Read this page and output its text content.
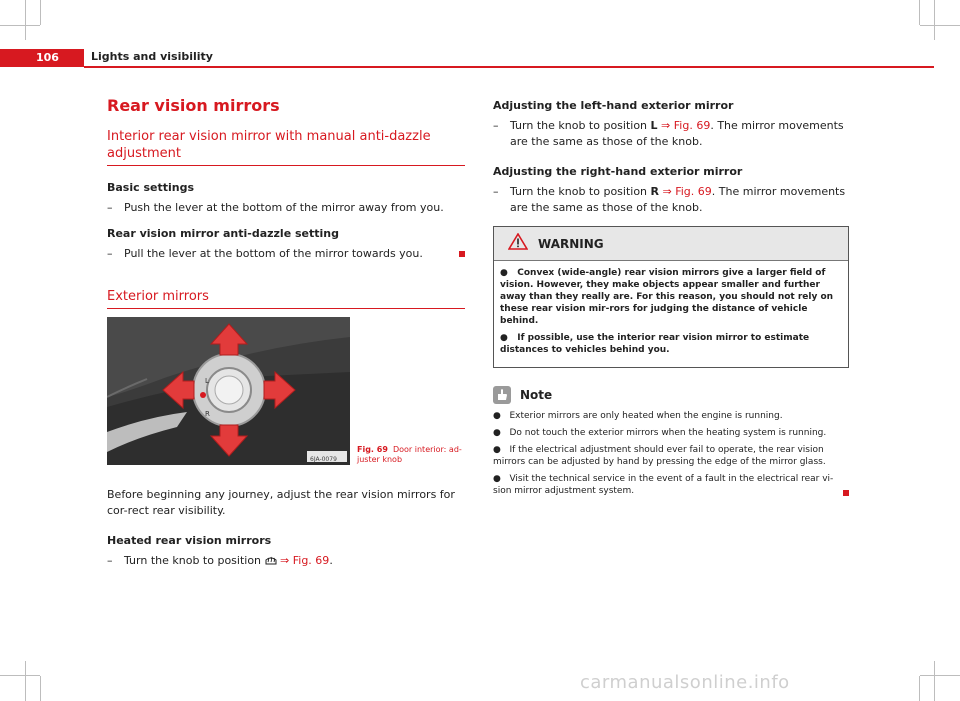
106	Lights and visibility
Rear vision mirrors
Interior rear vision mirror with manual anti-dazzle adjustment
Basic settings
–	Push the lever at the bottom of the mirror away from you.
Rear vision mirror anti-dazzle setting
–	Pull the lever at the bottom of the mirror towards you.
Exterior mirrors
L
R
6JA-0079
Fig. 69 Door interior: ad-juster knob

Before beginning any journey, adjust the rear vision mirrors for cor-rect rear visibility.

Heated rear vision mirrors
–	Turn the knob to position ⇒ Fig. 69.
Adjusting the left-hand exterior mirror
–	Turn the knob to position L ⇒ Fig. 69. The mirror movements are the same as those of the knob.
Adjusting the right-hand exterior mirror
–	Turn the knob to position R ⇒ Fig. 69. The mirror movements are the same as those of the knob.
WARNING

●   Convex (wide-angle) rear vision mirrors give a larger field of vision. However, they make objects appear smaller and further away than they really are. For this reason, you should not rely on these rear vision mir-rors for judging the distance of vehicle behind.

●   If possible, use the interior rear vision mirror to estimate distances to vehicles behind you.

Note

●   Exterior mirrors are only heated when the engine is running.

●   Do not touch the exterior mirrors when the heating system is running.

●   If the electrical adjustment should ever fail to operate, the rear vision mirrors can be adjusted by hand by pressing the edge of the mirror glass.

●   Visit the technical service in the event of a fault in the electrical rear vi-sion mirror adjustment system.

carmanualsonline.info
